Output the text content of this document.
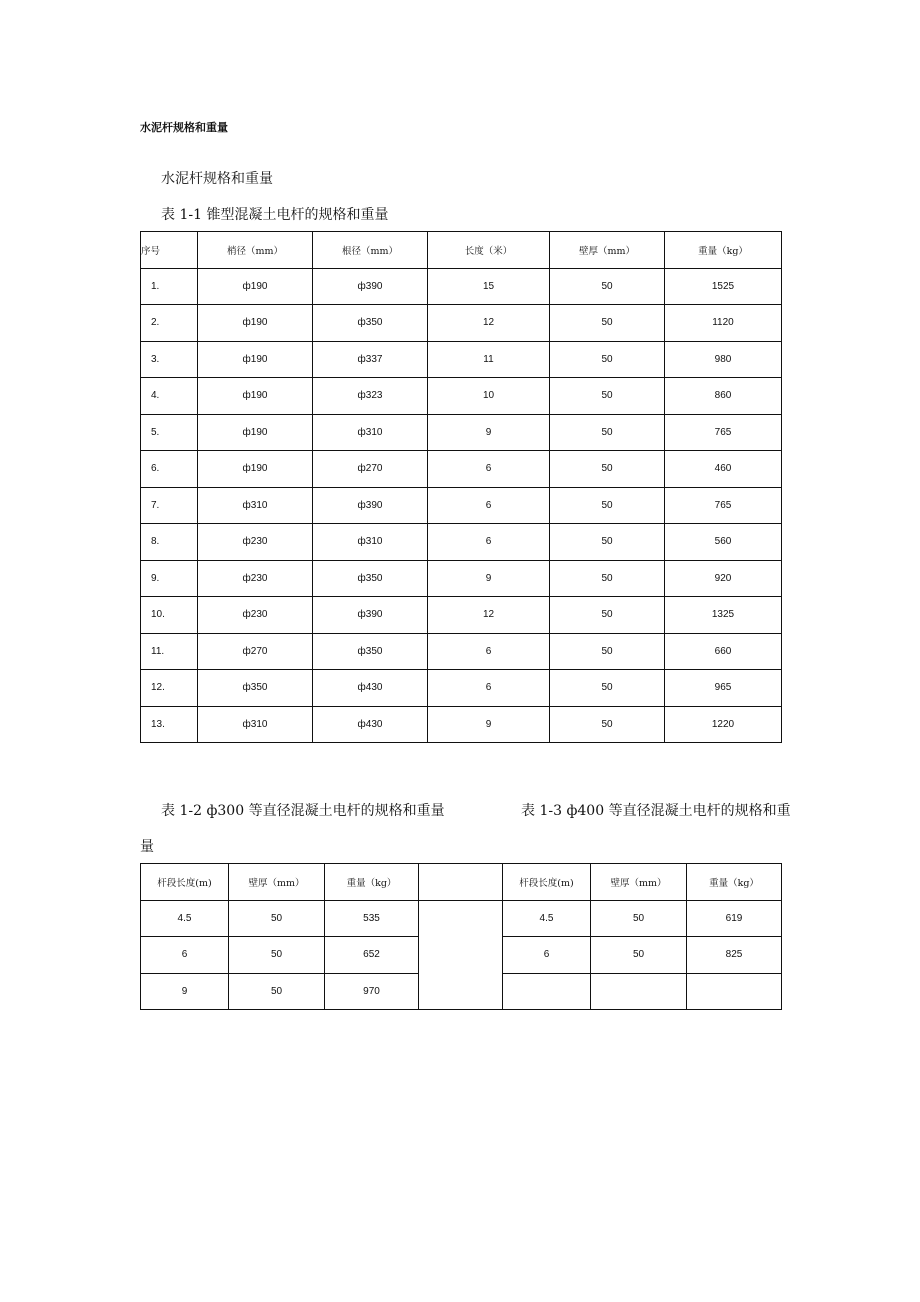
水泥杆规格和重量
水泥杆规格和重量
表 1-1 锥型混凝土电杆的规格和重量
序号	梢径（mm）	根径（mm）	长度（米）	壁厚（mm）	重量（kg）
1.	ф190	ф390	15	50	1525
2.	ф190	ф350	12	50	1120
3.	ф190	ф337	11	50	980
4.	ф190	ф323	10	50	860
5.	ф190	ф310	9	50	765
6.	ф190	ф270	6	50	460
7.	ф310	ф390	6	50	765
8.	ф230	ф310	6	50	560
9.	ф230	ф350	9	50	920
10.	ф230	ф390	12	50	1325
11.	ф270	ф350	6	50	660
12.	ф350	ф430	6	50	965
13.	ф310	ф430	9	50	1220
表 1-2 ф300 等直径混凝土电杆的规格和重量	表 1-3 ф400 等直径混凝土电杆的规格和重
量
杆段长度(m)	壁厚（mm）	重量（kg）		杆段长度(m)	壁厚（mm）	重量（kg）
4.5	50	535		4.5	50	619
6	50	652		6	50	825
9	50	970				
